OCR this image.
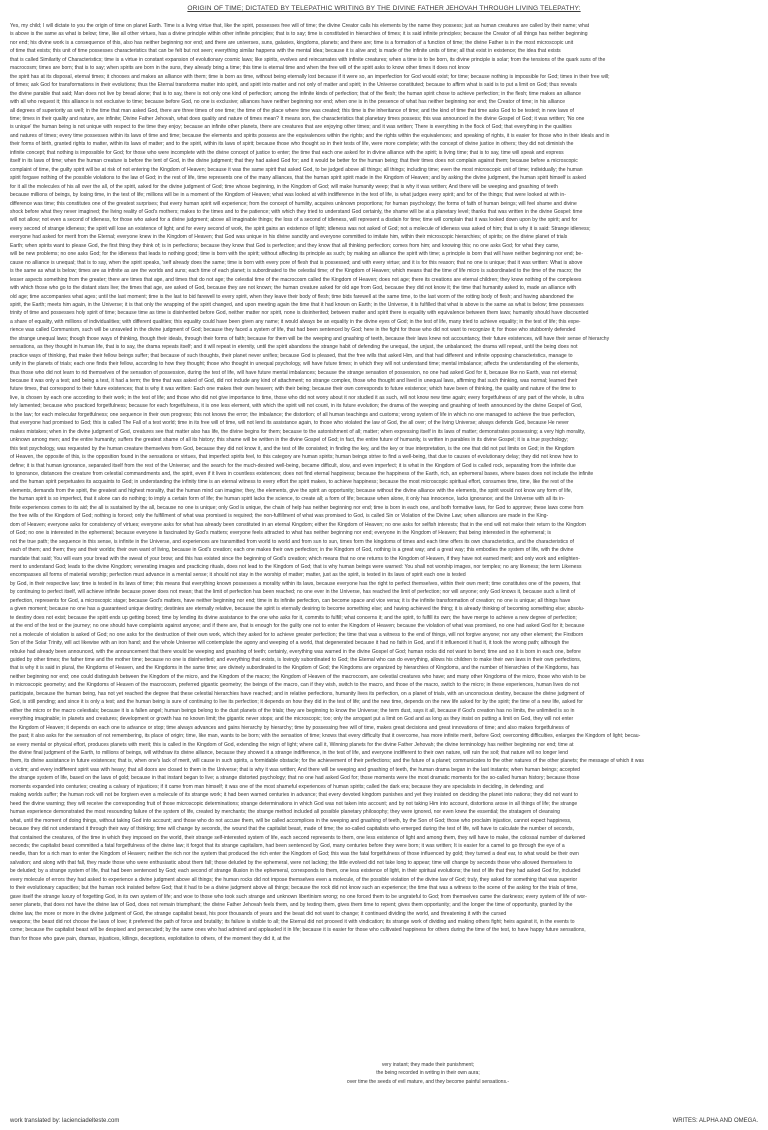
ORIGIN OF TIME; DICTATED BY TELEPATHIC WRITING BY THE DIVINE FATHER JEHOVAH THROUGH LIVING TELEPATHY:
Yes, my child; I will dictate to you the origin of time on planet Earth. Time is a living virtue that, like the spirit, possesses free will of time; the divine Creator calls his elements by the name they possess; just as human creatures are called by their name; what
is above is the same as what is below; time, like all other virtues, has a divine principle within other infinite principles; that is to say; time is constituted in hierarchies of times; it is said infinite principles; because the Creator of all things has neither beginning
nor end; his divine work is a consequence of this, also has neither beginning nor end; and there are universes, suns, galaxies, kingdoms, planets; and there are; time is a formation of a function of time; the divine Father is in the most microscopic unit
of time that exists; this unit of time possesses characteristics that can be felt but not seen; everything similar happens with the mental idea; because it is alive and; is made of the infinite units of time; all that exist in existence; the idea that exists
that is called Similarity of Characteristics; time is a virtue in constant expansion of evolutionary cosmic laws; like spirits, evolves and reincarnates with infinite creatures; when a time is to be born, its divine principle is solar; from the tensions of the quark suns of the
macrocosm; times are born; that is to say; when spirits are born in the suns, they already bring a time; this time is eternal time and when the free will of the spirit asks to know other times it does not know
the spirit has at its disposal, eternal times; it chooses and makes an alliance with them; time is born as time, without being eternally lost because if it were so, an imperfection for God would exist; for time; because nothing is impossible for God; times in their free will;
of times; ask God for transformations in their evolutions; thus the Eternal transforms matter into spirit, and spirit into matter and not only of matter and spirit; in the Universe constituted; because to affirm what is said is to put a limit on God; thus reveals
the divine parable that said; Man does not live by bread alone; that is to say, there is not only one kind of perfection; among the infinite kinds of perfection; that of the flesh; the human spirit chose to achieve perfection; in the flesh; time makes an alliance
with all who request it; this alliance is not exclusive to time; because before God, no one is exclusive; alliances have neither beginning nor end; when one is in the presence of what has neither beginning nor end; the Creator of time; in his alliance
all degrees of superiority as well; in the time that man asked God, there are three times of one time; the time of the place where time was created; this time is the inheritance of time; and the kind of time that time asks God to be tested; in new laws of
time; times in their quality and nature, are infinite; Divine Father Jehovah, what does quality and nature of times mean? It means son, the characteristics that planetary times possess; this was announced in the divine Gospel of God; it was written; 'No one
is unique' the human being is not unique with respect to the time they enjoy; because an infinite other planets, there are creatures that are enjoying other times; and it was written; There is everything in the flock of God; that everything in the qualities
and natures of times; every time possesses within its laws of time and time; because the elements and spirits possess are the equivalences within the rights; and the rights within the equivalences; and speaking of rights, it is easier for those who in their ideals and in
their forms of birth, granted rights to matter, within its laws of matter; and to the spirit, within its laws of spirit; because those who thought so in their tests of life, were more complete; with the concept of divine justice in others; they did not diminish the
infinite concept; that nothing is impossible for God; for those who were incomplete with the divine concept of justice to enter; the time that each one asked for in divine alliance with the spirit; is living time; that is to say, time will speak and express
itself in its laws of time; when the human creature is before the tent of God, in the divine judgment; that they had asked God for; and it would be better for the human being; that their times does not complain against them; because before a microscopic
complaint of time, the guilty spirit will be at risk of not entering the Kingdom of Heaven; because it was the same spirit that asked God, to be judged above all things; all things; including time; even the most microscopic unit of time; individually; the human
spirit forgave nothing of the possible violations to the law of God; in the rest of life, time represents one of the many alliances, that the human spirit spirit made in the Kingdom of Heaven; and by asking the divine judgment, the human spirit himself is asked
for it all the molecules of his all over the all, of the spirit, asked for the divine judgment of God; time whose beginning, in the Kingdom of God; will make humanity weep; that is why it was written; And there will be weeping and gnashing of teeth
because millions of beings, by losing time, in the test of life; millions will be in a moment of the Kingdom of Heaven; what was looked at with indifference in the test of life, is what judges every spirit; and for of the things; that were looked at with in-
difference was time; this constitutes one of the greatest surprises; that every human spirit will experience; from the concept of humility, acquires unknown proportions; for human psychology; the forms of faith of human beings; will feel shame and divine
shock before what they never imagined; the living reality of God's mothers; makes to the times and to the patience; with which they tried to understand God certainly, the shame will be at a planetary level; thanks that was written in the divine Gospel: time
will not allow; not even a second of idleness, for those who asked for a divine judgment; above all imaginable things; the loss of a second of idleness, will represent a disdain for time; time will complain that it was looked down upon by the spirit; and for
every second of strange idleness; the spirit will lose an existence of light; and for every second of work, the spirit gains an existence of light; idleness was not asked of God; not a molecule of idleness was asked of him; that is why it is said: Strange idleness;
everyone had asked for merit from the Eternal; everyone knew in the Kingdom of Heaven; that God was unique in his divine sanctity and everyone committed to imitate him, within their microscopic hierarchies; of spirits; on the divine planet of trials
Earth; when spirits want to please God, the first thing they think of; is in perfections; because they know that God is perfection; and they know that all thinking perfection; comes from him; and knowing this; no one asks God; for what they came,
will be new problems; no one asks God; for the idleness that leads to nothing good; time is born with the spirit; without affecting its principle as such; by making an alliance the spirit with time; a principle is born that will have neither beginning nor end; be-
cause no alliance is unequal; that is to say, when the spirit speaks, 'self already does the same; time is born with every pore of flesh that is possessed; and with every virtue; and it is for this reason; that no one is unique; that it was written: What is above
is the same as what is below; times are as infinite as are the worlds and suns; each time of each planet; is subordinated to the celestial time; of the Kingdom of Heaven; which means that the time of life micro is subordinated to the time of the macro; the
lesser aspects something from the greater; there are times that age, and times that do not age; the celestial time of the macrocosm called the Kingdom of Heaven; does not age; there its creations are eternal children; they know nothing of the complexes
with which those who go to the distant stars live; the times that age, are asked of God, because they are not known; the human creature asked for old age from God, because they did not know it; the time that humanity asked to, made an alliance with
old age; time accompanies what ages; until the last moment; time is the last to bid farewell to every spirit, when they leave their body of flesh; time bids farewell at the same time, to the last worm of the rotting body of flesh; and having abandoned the
spirit, the Earth; meets him again, in the Universe; it is that only the wrapping of the spirit changed, and upon meeting again the time that it had known on Earth; in the Universe, it is fulfilled that what is above is the same as what is below; time possesses
trinity of time and possesses holy spirit of time; because time as time is disinherited before God, neither matter nor spirit, none is disinherited; between matter and spirit there is equality with equivalence between them laws; humanity should have discounted
a share of equality, with millions of individualities; with different qualities; this equality could have been given any name; it would always be an equality in the divine eyes of God; in the test of life, many tried to achieve equality; in the test of life; this expe-
rience was called Communism, such will be unraveled in the divine judgment of God; because they faced a system of life, that had been sentenced by God; here in the fight for those who did not want to recognize it; for those who stubbornly defended
the strange unequal laws; though those ways of thinking, though their ideals, through their forms of faith; because for them will be the weeping and gnashing of teeth, because their laws knew not accountancy, their future existences, will have their sense of hierarchy
sensations, as they thought in human life, that is to say, the drama repeats itself; and it will repeat in eternity, until the spirit abandons the strange habit of defending the unequal, the unjust, the unbalanced; the drama will repeat, until the being does not
practice ways of thinking, that make their fellow beings suffer; that because of such thoughts, their planet never unifies; because God is pleased, that the free wills that asked Him, and that had different and infinite opposing characteristics, manage to
unify in the planets of trials; each one finds their fellow, according to how they thought; those who thought in unequal psychology, will have future times; in which they will not understand time; mental imbalance; affects the understanding of the elements,
thus those who did not learn to rid themselves of the sensation of possession, during the test of life, will have future mental imbalances; because the strange sensation of possession, no one had asked God for it, because like no Earth, was not eternal;
because it was only a test; and being a test, it had a term; the time that was asked of God, did not include any kind of attachment; no strange complex, those who thought and lived in unequal laws, affirming that such thinking, was normal; learned their
future times, that correspond to their future existences; that is why it was written: Each one makes their own heaven; with their being; because their own corresponds to future existence; which have been of thinking, the quality and nature of the time to
live, is chosen by each one according to their work; in the test of life; and those who did not give importance to time, those who did not worry about it nor studied it as such, will not know new time again; every forgetfulness of any part of the whole, is ultra
tely lamented; because who practiced forgetfulness; because for each forgetfulness, it is one less element, with which the spirit will not count, in its future evolution; the drama of the weeping and gnashing of teeth announced by the divine Gospel of God,
is the law; for each molecular forgetfulness; one sequence in their own progress; this not knows the error; the imbalance; the distortion; of all human teachings and customs; wrong system of life in which no one managed to achieve the true perfection,
that everyone had promised to God; this is called The Fall of a test world; time in its free will of time, will not lend its assistance again, to those who violated the law of God, the all over; of the living Universe; always defends God, because He never
makes mistakes; when in the divine judgment of God, creatures see that matter also has life, the divine begins for them; because to the astonishment of all; matter; when expressing itself in its laws of matter; demonstrates possessing; a very high morality,
unknown among men; and the entire humanity; suffers the greatest shame of all its history; this shame will be written in the divine Gospel of God; in fact, the entire future of humanity, is written in parables in its divine Gospel; it is a true psychology;
this test psychology, was requested by the human creature themselves from God, because they did not know it, and the test of life consisted; in finding the key, and the key or true interpretation, is the one that did not put limits on God; in the Kingdom
of Heaven, the opposite of this, is the opposition found in the sensations or virtues, that imperfect spirits feel, to this category are human spirits; human beings strive to find a well-being, that due to causes of evolutionary delay; they did not know how to
define; it is that human ignorance, separated itself from the rest of the Universe; and the search for the much-desired well-being, became difficult, slow, and even imperfect; it is what in the Kingdom of God is called rock, separating from the infinite due
to ignorance, distances the creature from celestial commandments and, the spirit, even if it lives in countless existences; does not find eternal happiness; because the happiness of the Earth, rich, an ephemeral bases, where bases does not include the infinite
and the human spirit perpetuates its acquaints to God; in understanding the infinity time is an eternal witness to every effort the spirit makes, to achieve happiness; because the most microscopic spiritual effort, consumes time, time, like the rest of the
elements, demands from the spirit, the greatest and highest morality, that the human mind can imagine; they, the elements, give the spirit an opportunity; because without the divine alliance with the elements, the spirit would not know any form of life,
the human spirit is so imperfect, that it alone can do nothing; to imply a certain form of life; the human spirit lacks the science, to create all; a form of life; because when alone, it only has innocence, lacks ignorance; and the Universe with all its in-
finite experiences comes to its aid; the all is sustained by the all, because no one is unique; only God is unique, the chain of help has neither beginning nor end; time is born in each one, and both formative laws, for God to approve; these laws come from
the free wills of the Kingdom of God; nothing is forced; only the fulfillment of what was promised is required; the non-fulfillment of what was promised to God, is called Sin or Violation of the Divine Law; when alliances are made in the King-
dom of Heaven; everyone asks for consistency of virtues; everyone asks for what has already been constituted in an eternal Kingdom; either the Kingdom of Heaven; no one asks for selfish interests; that in the end will not make their return to the Kingdom
of God; no one is interested in the ephemeral; because everyone is fascinated by God's matters; everyone feels attracted to what has neither beginning nor end; everyone in the Kingdom of Heaven; that being interested in the ephemeral; is
not the true path; the sequence in this sense, is infinite in the Universe, and experiences are transmitted from world to world and from sun to sun, times form the kingdoms of times and each time offers its own characteristics, and the characteristics of
each of them; and them; they and their worlds; their own want of living, because in God's creation; each one makes their own perfection; in the Kingdom of God, nothing is a great way; and a great way; this embodies the system of life, with the divine
mandate that said; You will earn your bread with the sweat of your brow; and this has existed since the beginning of God's creation; which means that no one returns to the Kingdom of Heaven, if they have not earned merit; and only work and enlighten-
ment to understand God; leads to the divine Kingdom; venerating images and practicing rituals, does not lead to the Kingdom of God; that is why human beings were warned: You shall not worship images, nor temples; no any likeness; the term Likeness
encompasses all forms of material worship; perfection must advance in a mental sense; it should not stay in the worship of matter; matter, just as the spirit, is tested in its laws of spirit each one is tested
by God, in their respective law; time is tested in its laws of time; this means that everything known possesses a morality within its laws, because everyone has the right to perfect themselves, within their own merit; time constitutes one of the powers, that
by continuing to perfect itself, will achieve infinite because power does not mean; that the limit of perfection has been reached; no one ever in the Universe, has reached the limit of perfection; nor will anyone; only God knows it, because such a limit of
perfection, represents for God, a microscopic stage; because God's matters, have neither beginning nor end; time in its infinite perfection, can become space and vice versa; it is the infinite transformation of creation; no one is unique; all things have
a given moment; because no one has a guaranteed unique destiny; destinies are eternally relative, because the spirit is eternally desiring to become something else; and having achieved the thing; it is already thinking of becoming something else; absolu-
te destiny does not exist; because the spirit ends up getting bored; time by lending its divine assistance to the one who asks for it, commits to fulfill; what concerns it; and the spirit, to fulfill its own; the have merge to achieve a new degree of perfection;
at the end of the test or the journey; no one should have complaints against anyone; and if there are, that is enough for the guilty one not to enter the Kingdom of Heaven; because the violation of what was promised, no one had asked God for it; because
not a molecule of violation is asked of God; no one asks for the destruction of their own work, which they asked for to achieve greater perfection; the time that was a witness to the end of things, will not forgive anyone; nor any other element; the Firstborn
Son of the Solar Trinity, will act likewise with an iron hand; and the whole Universe will contemplate the agony and weeping of a world, that degenerated because it had no faith in God, and if it influenced it had it, it took the wrong path; although the
rebuke had already been announced, with the announcement that there would be weeping and gnashing of teeth; certainly, everything was warned in the divine Gospel of God; human rocks did not want to bend; time and so it is born in each one, before
guided by other times; the father time and the mother time; because no one is disinherited; and everything that exists, is lovingly subordinated to God; the Eternal who can do everything, allows his children to make their own laws in their own perfections,
that is why it is said in plural, the Kingdoms of Heaven, and the Kingdoms in the same time; are divinely subordinated to the Kingdom of God; the Kingdoms are organized by hierarchies of Kingdoms, and the number of hierarchies of the Kingdoms, has
neither beginning nor end; one could distinguish between the Kingdom of the micro, and the Kingdom of the macro; the Kingdom of Heaven of the macrocosm, are celestial creatures who have; and many other Kingdoms of the micro, those who wish to be
in microscopic geometry; and the Kingdoms of Heaven of the macrocosm, preferred gigantic geometry; the beings of the macro, can if they wish, switch to the macro, and those of the macro, switch to the micro; in these experiences, human lives do not
participate, because the human being, has not yet reached the degree that these celestial hierarchies have reached; and in relative perfections, humanity lives its perfection, on a planet of trials, with an unconscious destiny, because the divine judgment of
God, is still pending; and since it is only a test; and the human being is sure of continuing to live its perfection; it depends on how they did in the test of life; and the new time, depends on the new life asked for by the spirit; the time of a new life, asked for
either the micro or the macro celestials; because it is a fallen angel; human beings belong to the dust planets of the trials; they are beginning to know the Universe; the term dust, says it all, because if God's creation has no limits, the unlimited is so in
everything imaginable; in planets and creatures; development or growth has no known limit; the gigantic never stops; and the microscopic; too; only the arrogant put a limit on God and as long as they insist on putting a limit on God, they will not enter
the Kingdom of Heaven; it depends on each one to advance or stop; time always advances and gains hierarchy by hierarchy; time by possessing free will of time, makes great decisions and great innovations of time; and also makes forgetfulness of
the past; it also asks for the sensation of not remembering, its place of origin; time, like man, wants to be born; with the sensation of time; knows that every difficulty that it overcome, has more infinite merit, before God; overcoming difficulties, enlarges the Kingdom of light; becau-
se every mental or physical effort, produces planets with merit; this is called in the Kingdom of God, extending the reign of light; where call it, Winning planets for the divine Father Jehovah; the divine terminology has neither beginning nor end; time at
the divine final judgment of the Earth, to millions of beings, will withdraw its divine alliance, because they showed it a strange indifference, in the test of life, and everyone indifferent to their own nature, will ruin the soil; that nature will no longer lend
them, its divine assistance in future existences; that is, when one's lack of merit, will cause in such spirits, a formidable obstacle; for the achievement of their perfections; and the future of a planet; communicates to the other natures of the other planets; the message of which it was
a victim; and every indifferent spirit was with heavy; that all doors are closed to them in the Universe; that is why it was written; And there will be weeping and gnashing of teeth, the human drama began in the last instants; when human beings; accepted
the strange system of life, based on the laws of gold; because in that instant began to live; a strange distorted psychology; that no one had asked God for; those moments were the most dramatic moments for the so-called human history; because those
moments expanded into centuries; creating a calvary of injustices; if it came from man himself; it was one of the most shameful experiences of human spirits; called the dark era; because they are specialists in deciding, in defending; and
making worlds suffer; the human rock will not be forgiven even a molecule of its strange work; it had been warned centuries in advance; that every devoted kingdom punishes and yet they insisted on deciding the planet into nations; they did not want to
heed the divine warning; they will receive the corresponding fruit of those microscopic determinations; strange determinations in which God was not taken into account; and by not taking Him into account, distortions arose in all things of life; the strange
human experience demonstrated the most resounding failure of the system of life, created by merchants; the strange method included all possible planetary philosophy; they were ignored, nor even knew the essential; the stratagem of cleansing
what, until the moment of doing things, without taking God into account; and those who do not accuse them, will be called accomplices in the weeping and gnashing of teeth, by the Son of God; those who proclaim injustice, cannot expect happiness,
because they did not understand it through their way of thinking; time will change by seconds, the wound that the capitalist beast, made of time; the so-called capitalists who emerged during the test of life, will have to calculate the number of seconds,
that contained the creatures, of the time in which they imposed on the world, their strange self-interested system of life, each second represents to them, one less existence of light and among them, they will have to make, the colossal number of darkened
seconds; the capitalist beast committed a fatal forgetfulness of the divine law; it forgot that its strange capitalism, had been sentenced by God, many centuries before they were born; it was written; It is easier for a camel to go through the eye of a
needle, than for a rich man to enter the Kingdom of Heaven; neither the rich nor the system that produced the rich enter the Kingdom of God; this was the fatal forgetfulness of those influenced by gold; they turned a deaf ear, to what would be their own
salvation; and along with that fall, they made those who were enthusiastic about them fall; those deluded by the ephemeral, were not lacking; the little evolved did not take long to appear; time will change by seconds those who allowed themselves to
be deluded; by a strange system of life, that had been sentenced by God; each second of strange illusion in the ephemeral, corresponds to them, one less existence of light, in their spiritual evolutions; the test of life that they had asked God for, included
every molecule of errors they had asked to experience a divine judgment above all things; the human rocks did not impose themselves even a molecule, of the possible violation of the divine law of God; truly, they asked for something that was superior
to their evolutionary capacities; but the human rock insisted before God; that it had to be a divine judgment above all things; because the rock did not know such an experience; the time that was a witness to the scene of the asking for the trials of time,
gave itself the strange luxury of forgetting God, in its own system of life; and woe to those who took such strange and unknown libertinism wrong; no one forced them to be ungrateful to God; from themselves came the darkness; every system of life of wor-
sener planets, that does not have the divine law of God, does not remain triumphant; the divine Father Jehovah feels them, and by testing them, gives them time to repent; gives them opportunity; and the longer the time of opportunity, granted by the
divine law, the more or more in the divine judgment of God, the strange capitalist beast, his poor thousands of years and the beast did not want to change; it continued dividing the world, and threatening it with the cursed
weapons; the beast did not choose the laws of love; it preferred the path of force and brutality; its failure is visible to all; the Eternal did not proceed it with vindication; its strange work of dividing and making others fight; heirs against it, in the events to
come; because the capitalist beast will be despised and persecuted; by the same ones who had admired and applauded it in life; because it is easier for those who cultivated happiness for others during the time of the test, to have happy future sensations,
than for those who gave pain, dramas, injustices, killings, deceptions, exploitation to others, of the moment they did it, at the
very instant; they made their punishment;
the being recorded in writing in their own aura;
over time the seeds of evil mature, and they become painful sensations.-
work translated by: lacienciadelteste.com	WRITES: ALPHA AND OMEGA.
